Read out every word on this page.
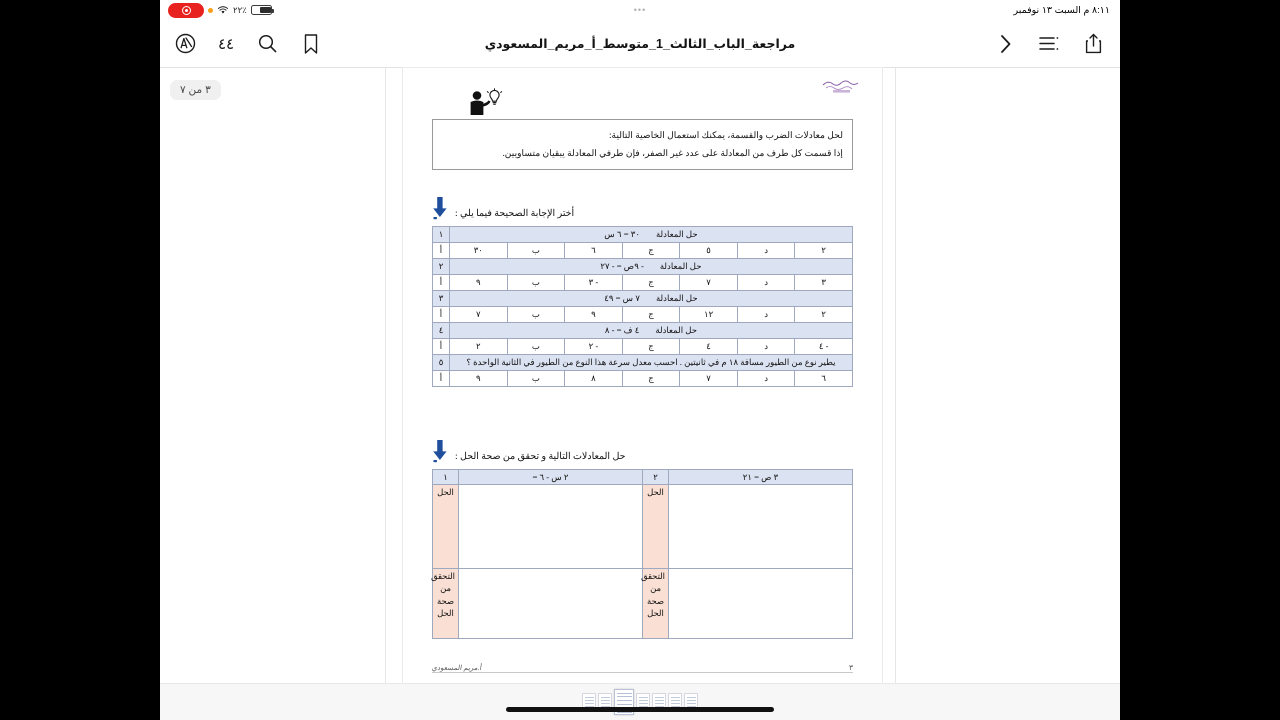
٪٢٢	•••	٨:١١ م السبت ١٣ نوفمبر
٤٤	مراجعة_الباب_الثالث_1_متوسط_أ_مريم_المسعودي
٣ من ٧

لحل معادلات الضرب والقسمة، يمكنك استعمال الخاصية التالية:

إذا قسمت كل طرف من المعادلة على عدد غير الصفر، فإن طرفي المعادلة يبقيان متساويين.

أختر الإجابة الصحيحة فيما يلي :
حل المعادلة٣٠ = ٦ س							١
٢	د	٥	ج	٦	ب	٣٠	أ
حل المعادلة- ٩ص = - ٢٧							٢
٣	د	٧	ج	- ٣	ب	٩	أ
حل المعادلة٧ س = ٤٩							٣
٢	د	١٢	ج	٩	ب	٧	أ
حل المعادلة٤ ف = - ٨							٤
- ٤	د	٤	ج	- ٢	ب	٢	أ
يطير نوع من الطيور مسافة ١٨ م في ثانيتين . احسب معدل سرعة هذا النوع من الطيور في الثانية الواحدة ؟							٥
٦	د	٧	ج	٨	ب	٩	أ
حل المعادلات التالية و تحقق من صحة الحل :
٣ ص = ٢١	٢	٢ س - ٦ =	١
	الحل		الحل
	التحقق من صحة الحل		التحقق من صحة الحل
٣
أ.مريم المسعودي
